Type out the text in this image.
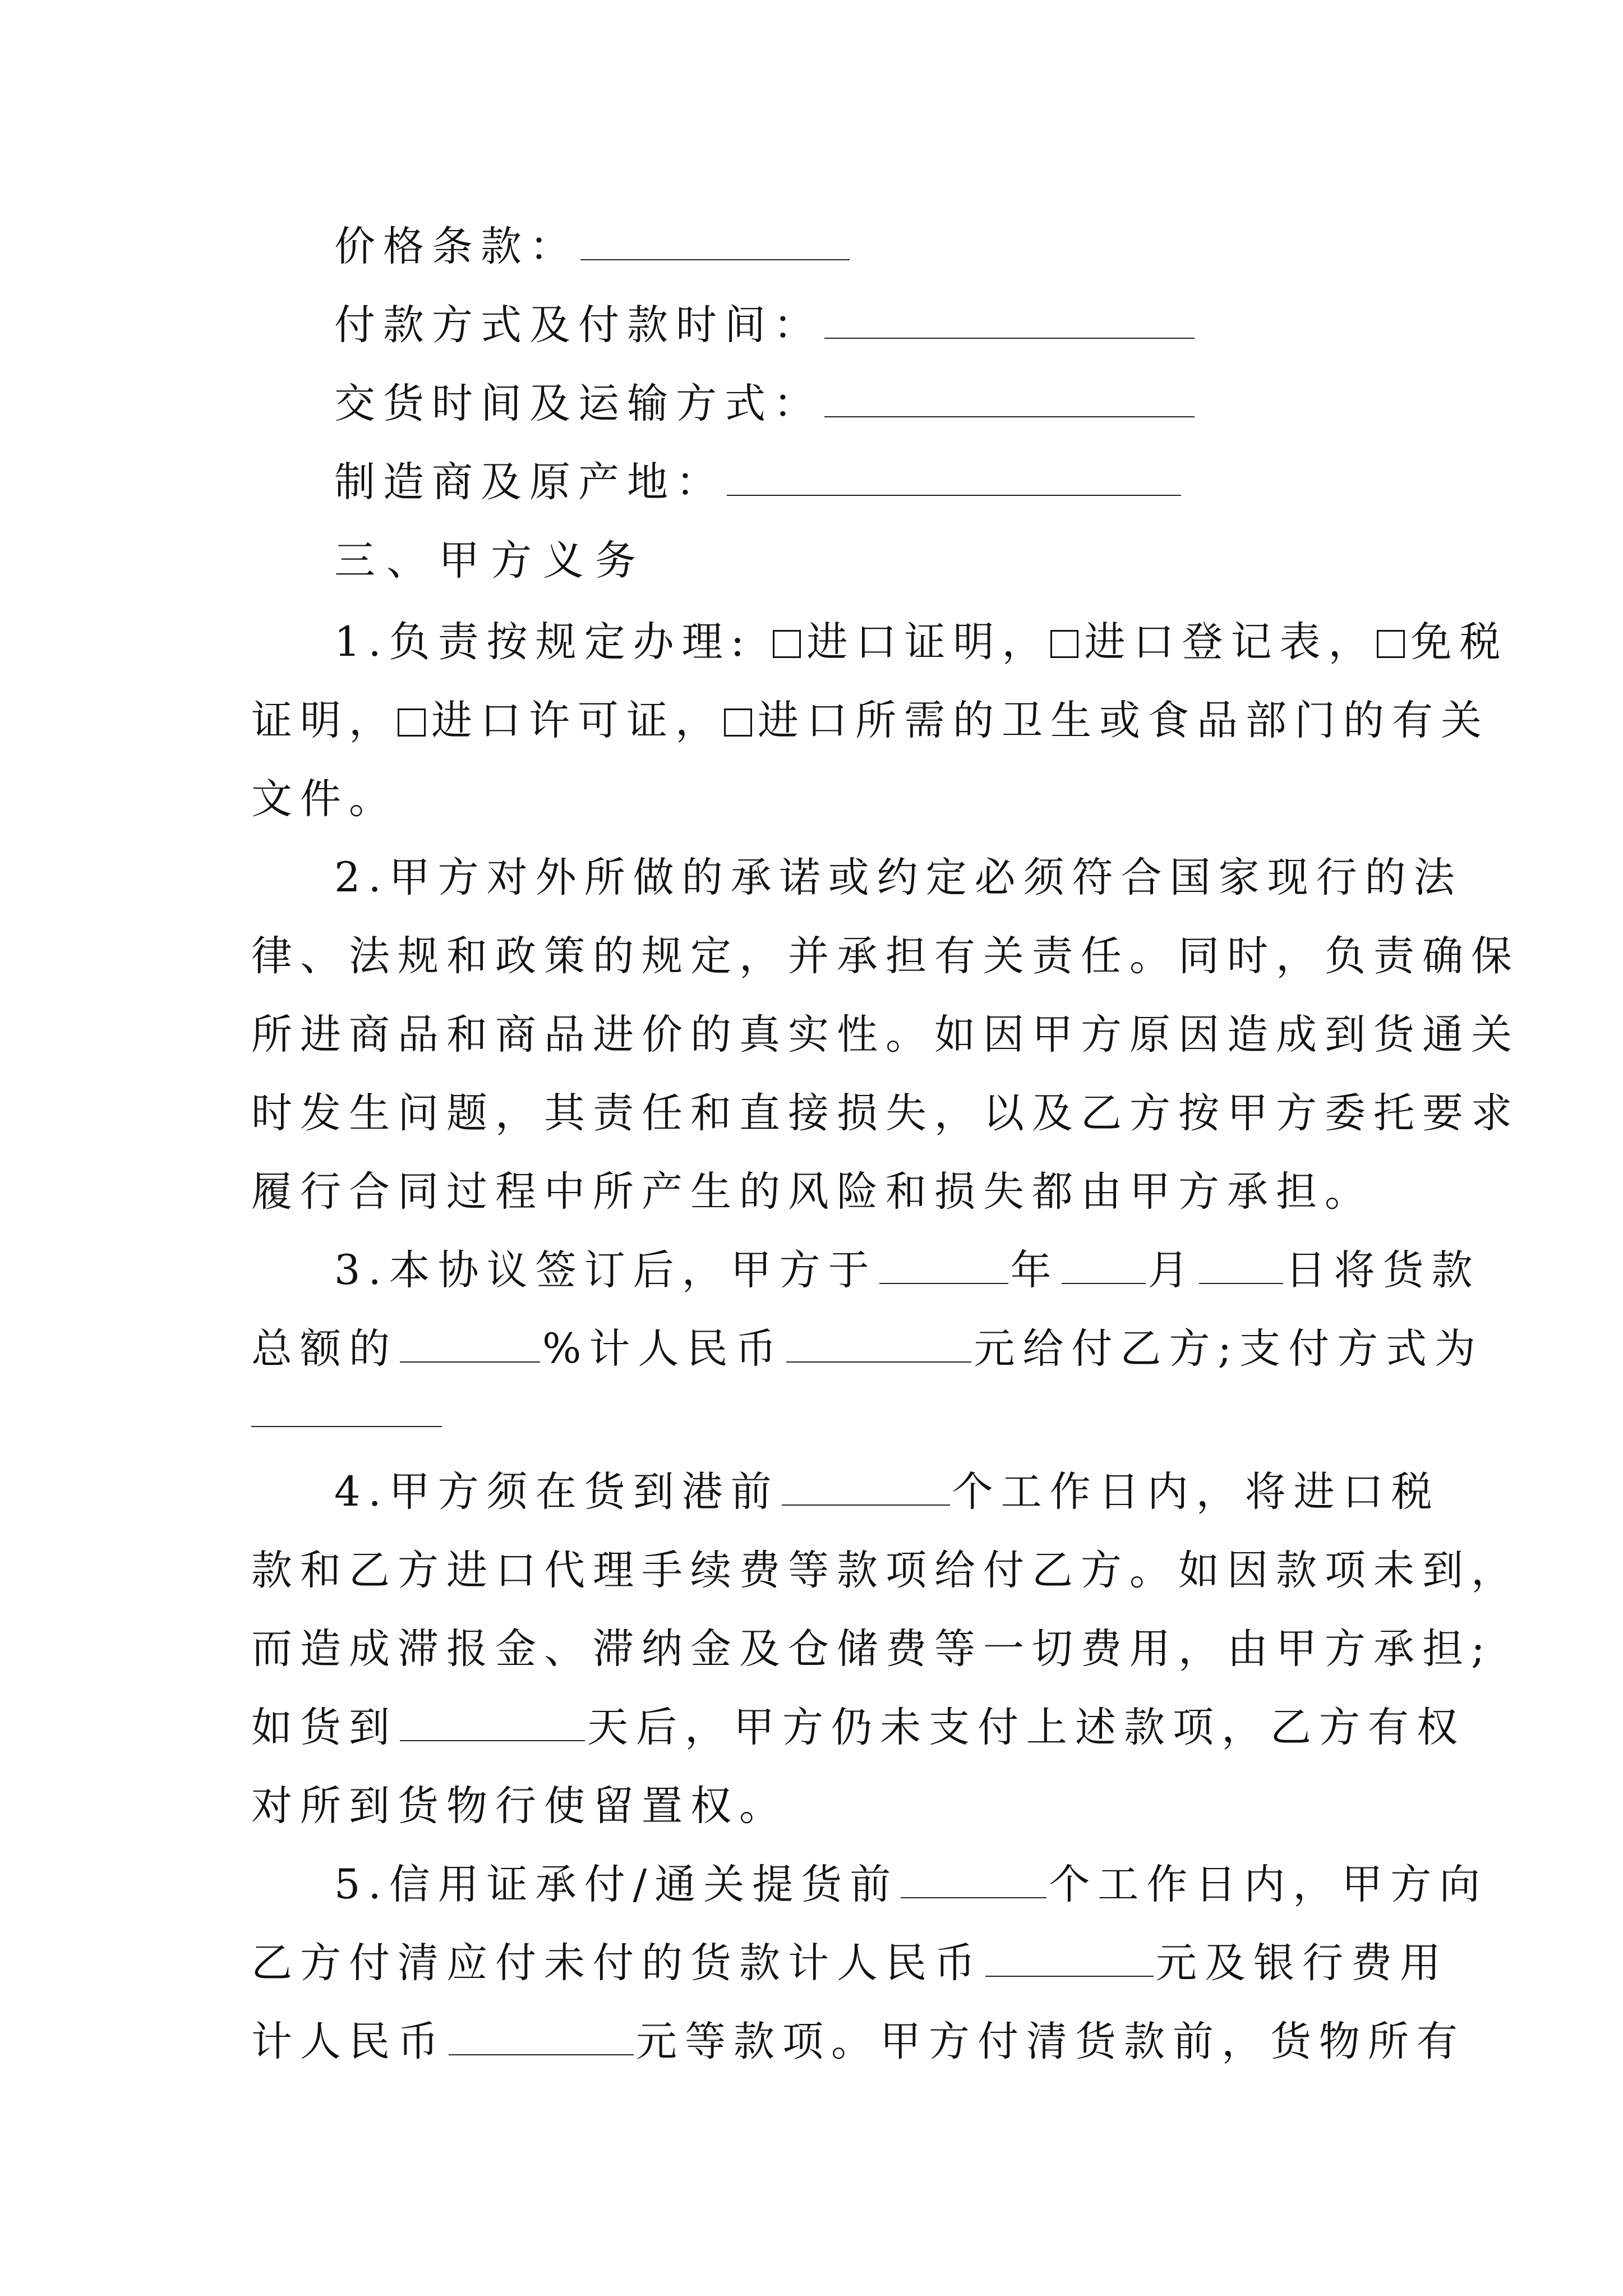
价格条款：
付款方式及付款时间：
交货时间及运输方式：
制造商及原产地：
三、甲方义务
1.负责按规定办理: 进口证明， 进口登记表， 免税
证明， 进口许可证， 进口所需的卫生或食品部门的有关
文件。
2.甲方对外所做的承诺或约定必须符合国家现行的法
律、法规和政策的规定，并承担有关责任。同时，负责确保
所进商品和商品进价的真实性。如因甲方原因造成到货通关
时发生问题，其责任和直接损失，以及乙方按甲方委托要求
履行合同过程中所产生的风险和损失都由甲方承担。
3.本协议签订后，甲方于	年 月 日将货款
总额的	%计人民币	元给付乙方;支付方式为
4.甲方须在货到港前	个工作日内，将进口税
款和乙方进口代理手续费等款项给付乙方。如因款项未到，
而造成滞报金、滞纳金及仓储费等一切费用，由甲方承担;
如货到	天后，甲方仍未支付上述款项，乙方有权
对所到货物行使留置权。
5.信用证承付/通关提货前	个工作日内，甲方向
乙方付清应付未付的货款计人民币	元及银行费用
计人民币	元等款项。甲方付清货款前，货物所有
